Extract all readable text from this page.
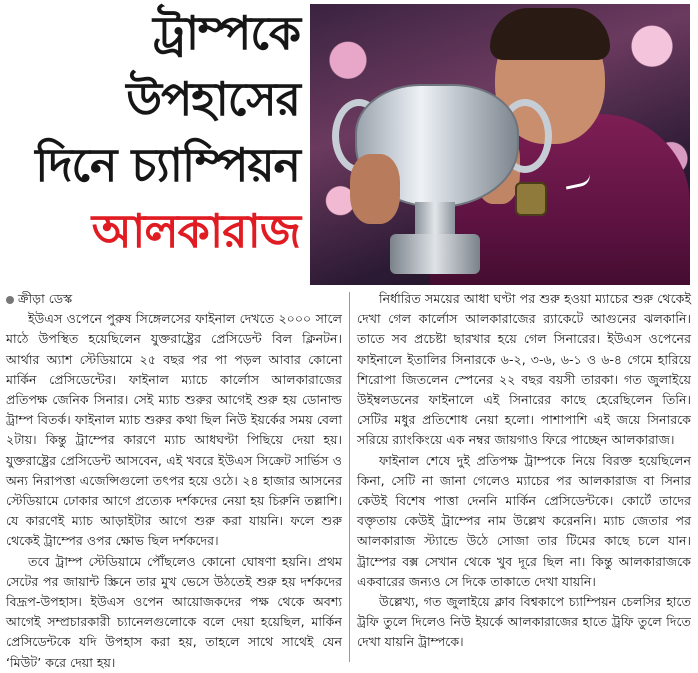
ট্রাম্পকে
উপহাসের
দিনে চ্যাম্পিয়ন
আলকারাজ

ক্রীড়া ডেস্ক

ইউএস ওপেনে পুরুষ সিঙ্গেলসের ফাইনাল দেখতে ২০০০ সালে মাঠে উপস্থিত হয়েছিলেন যুক্তরাষ্ট্রের প্রেসিডেন্ট বিল ক্লিনটন। আর্থার অ্যাশ স্টেডিয়ামে ২৫ বছর পর পা পড়ল আবার কোনো মার্কিন প্রেসিডেন্টের। ফাইনাল ম্যাচে কার্লোস আলকারাজের প্রতিপক্ষ জেনিক সিনার। সেই ম্যাচ শুরুর আগেই শুরু হয় ডোনাল্ড ট্রাম্প বিতর্ক। ফাইনাল ম্যাচ শুরুর কথা ছিল নিউ ইয়র্কের সময় বেলা ২টায়। কিন্তু ট্রাম্পের কারণে ম্যাচ আধঘণ্টা পিছিয়ে দেয়া হয়। যুক্তরাষ্ট্রের প্রেসিডেন্ট আসবেন, এই খবরে ইউএস সিক্রেট সার্ভিস ও অন্য নিরাপত্তা এজেন্সিগুলো তৎপর হয়ে ওঠে। ২৪ হাজার আসনের স্টেডিয়ামে ঢোকার আগে প্রত্যেক দর্শকদের নেয়া হয় চিরুনি তল্লাশি। যে কারণেই ম্যাচ আড়াইটার আগে শুরু করা যায়নি। ফলে শুরু থেকেই ট্রাম্পের ওপর ক্ষোভ ছিল দর্শকদের।

তবে ট্রাম্প স্টেডিয়ামে পৌঁছলেও কোনো ঘোষণা হয়নি। প্রথম সেটের পর জায়ান্ট স্ক্রিনে তার মুখ ভেসে উঠতেই শুরু হয় দর্শকদের বিদ্রূপ-উপহাস। ইউএস ওপেন আয়োজকদের পক্ষ থেকে অবশ্য আগেই সম্প্রচারকারী চ্যানেলগুলোকে বলে দেয়া হয়েছিল, মার্কিন প্রেসিডেন্টকে যদি উপহাস করা হয়, তাহলে সাথে সাথেই যেন ‘মিউট’ করে দেয়া হয়।

নির্ধারিত সময়ের আধা ঘণ্টা পর শুরু হওয়া ম্যাচের শুরু থেকেই দেখা গেল কার্লোস আলকারাজের র‍্যাকেটে আগুনের ঝলকানি। তাতে সব প্রচেষ্টা ছারখার হয়ে গেল সিনারের। ইউএস ওপেনের ফাইনালে ইতালির সিনারকে ৬-২, ৩-৬, ৬-১ ও ৬-৪ গেমে হারিয়ে শিরোপা জিতলেন স্পেনের ২২ বছর বয়সী তারকা। গত জুলাইয়ে উইম্বলডনের ফাইনালে এই সিনারের কাছে হেরেছিলেন তিনি। সেটির মধুর প্রতিশোধ নেয়া হলো। পাশাপাশি এই জয়ে সিনারকে সরিয়ে র‍্যাংকিংয়ে এক নম্বর জায়গাও ফিরে পাচ্ছেন আলকারাজ।

ফাইনাল শেষে দুই প্রতিপক্ষ ট্রাম্পকে নিয়ে বিরক্ত হয়েছিলেন কিনা, সেটি না জানা গেলেও ম্যাচের পর আলকারাজ বা সিনার কেউই বিশেষ পাত্তা দেননি মার্কিন প্রেসিডেন্টকে। কোর্টে তাদের বক্তৃতায় কেউই ট্রাম্পের নাম উল্লেখ করেননি। ম্যাচ জেতার পর আলকারাজ স্ট্যান্ডে উঠে সোজা তার টিমের কাছে চলে যান। ট্রাম্পের বক্স সেখান থেকে খুব দূরে ছিল না। কিন্তু আলকারাজকে একবারের জন্যও সে দিকে তাকাতে দেখা যায়নি।

উল্লেখ্য, গত জুলাইয়ে ক্লাব বিশ্বকাপে চ্যাম্পিয়ন চেলসির হাতে ট্রফি তুলে দিলেও নিউ ইয়র্কে আলকারাজের হাতে ট্রফি তুলে দিতে দেখা যায়নি ট্রাম্পকে।
